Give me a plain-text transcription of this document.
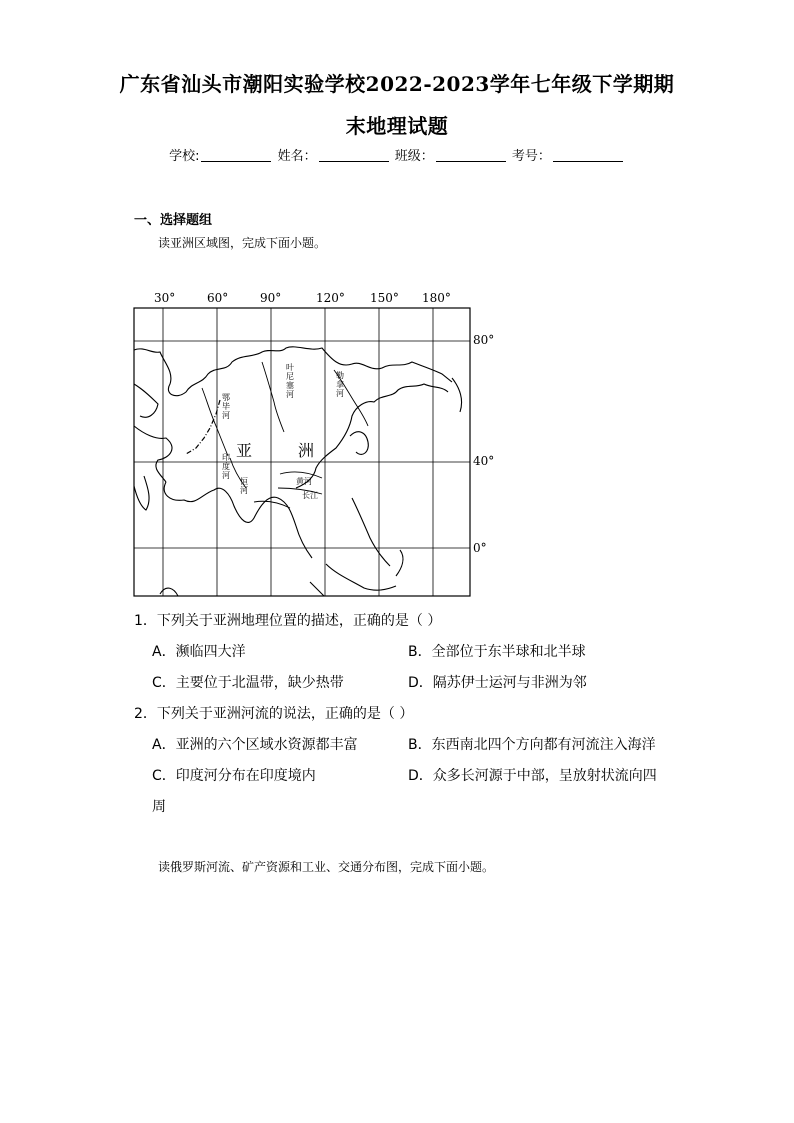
广东省汕头市潮阳实验学校2022-2023学年七年级下学期期
末地理试题
学校:	姓名：	班级：	考号：
一、选择题组
读亚洲区域图，完成下面小题。
30°	60°	90°	120° 150° 180°
80°
40°
0°
亚	洲
鄂毕河
叶尼塞河
勒拿河
印度河
恒河
黄河
长江
1．下列关于亚洲地理位置的描述，正确的是（ ）
A．濒临四大洋	B．全部位于东半球和北半球
C．主要位于北温带，缺少热带	D．隔苏伊士运河与非洲为邻
2．下列关于亚洲河流的说法，正确的是（ ）
A．亚洲的六个区域水资源都丰富	B．东西南北四个方向都有河流注入海洋
C．印度河分布在印度境内	D．众多长河源于中部，呈放射状流向四
周
读俄罗斯河流、矿产资源和工业、交通分布图，完成下面小题。
